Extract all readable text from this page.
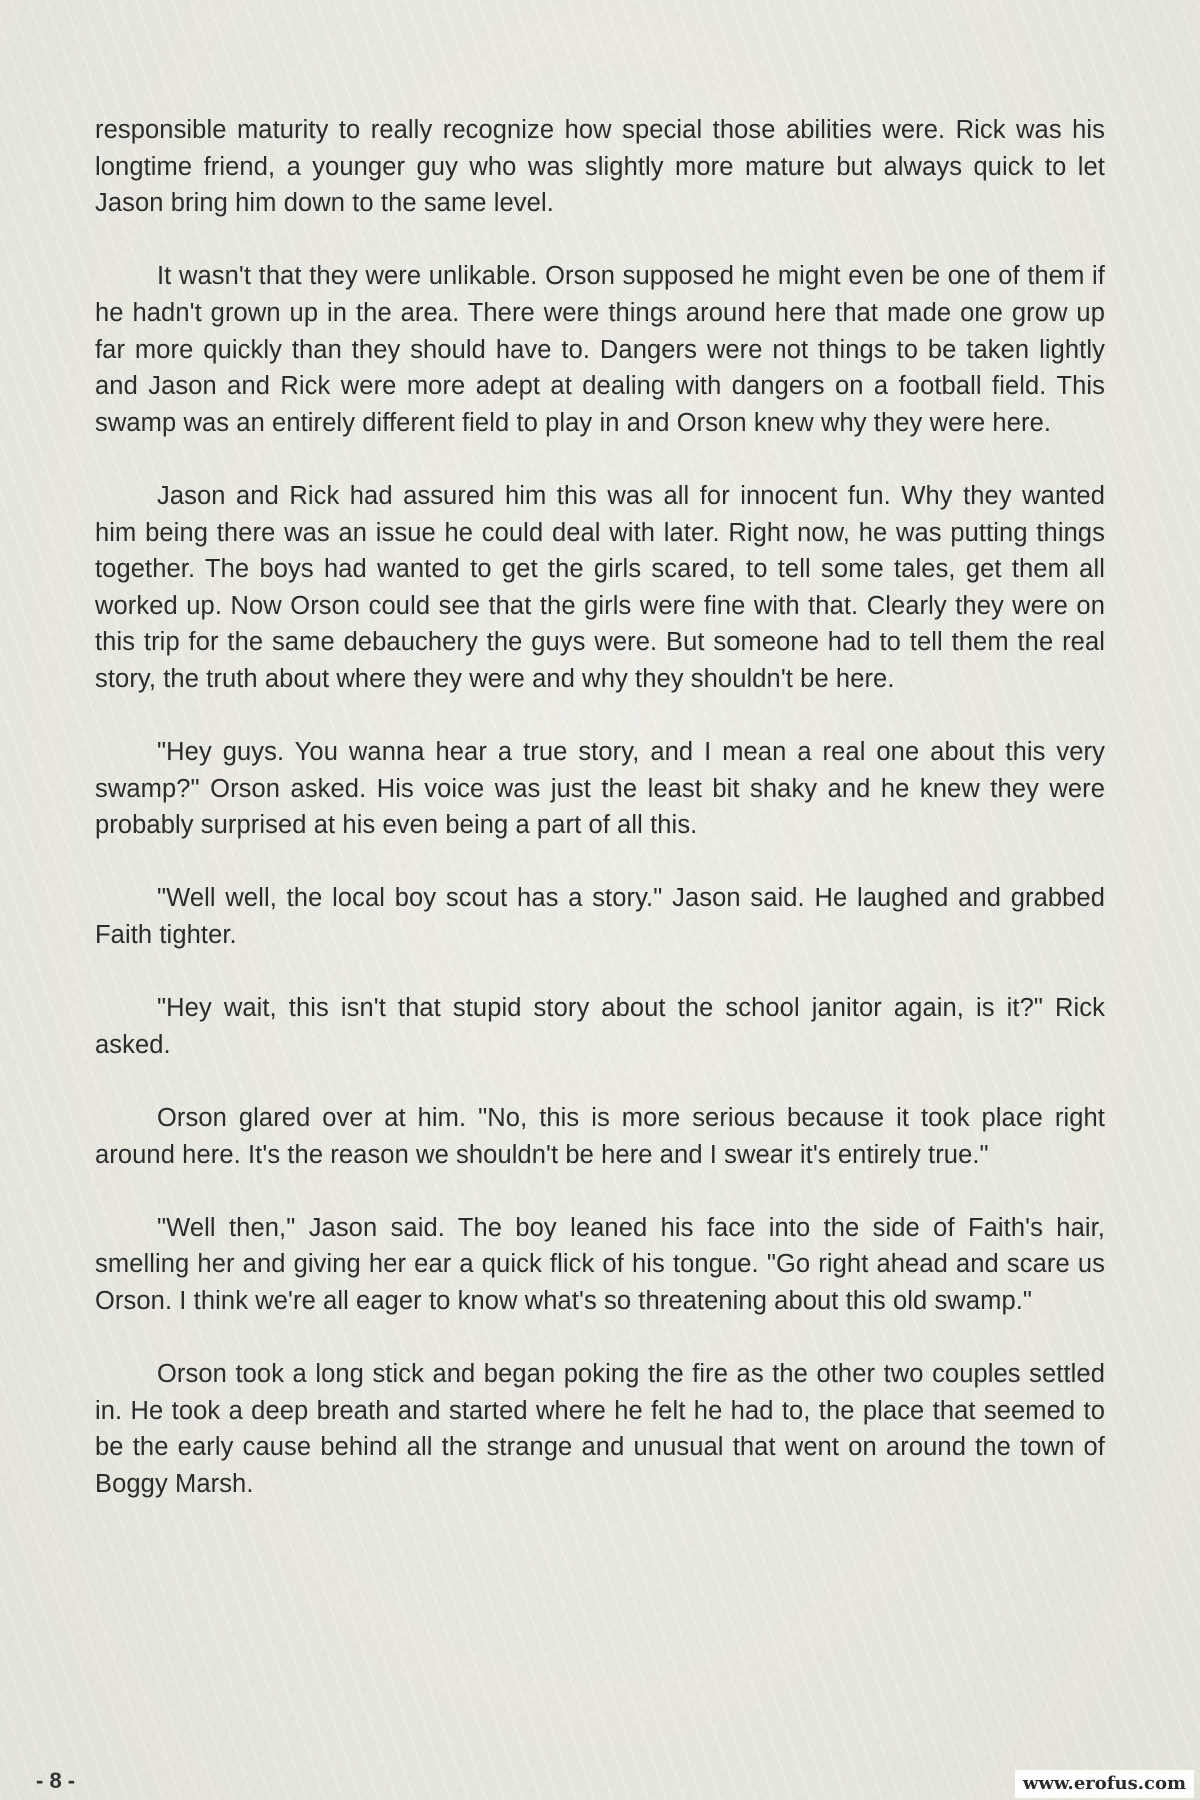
responsible maturity to really recognize how special those abilities were. Rick was his longtime friend, a younger guy who was slightly more mature but always quick to let Jason bring him down to the same level.

It wasn't that they were unlikable. Orson supposed he might even be one of them if he hadn't grown up in the area. There were things around here that made one grow up far more quickly than they should have to. Dangers were not things to be taken lightly and Jason and Rick were more adept at dealing with dangers on a football field. This swamp was an entirely different field to play in and Orson knew why they were here.

Jason and Rick had assured him this was all for innocent fun. Why they wanted him being there was an issue he could deal with later. Right now, he was putting things together. The boys had wanted to get the girls scared, to tell some tales, get them all worked up. Now Orson could see that the girls were fine with that. Clearly they were on this trip for the same debauchery the guys were. But someone had to tell them the real story, the truth about where they were and why they shouldn't be here.

"Hey guys. You wanna hear a true story, and I mean a real one about this very swamp?" Orson asked. His voice was just the least bit shaky and he knew they were probably surprised at his even being a part of all this.

"Well well, the local boy scout has a story." Jason said. He laughed and grabbed Faith tighter.

"Hey wait, this isn't that stupid story about the school janitor again, is it?" Rick asked.

Orson glared over at him. "No, this is more serious because it took place right around here. It's the reason we shouldn't be here and I swear it's entirely true."

"Well then," Jason said. The boy leaned his face into the side of Faith's hair, smelling her and giving her ear a quick flick of his tongue. "Go right ahead and scare us Orson. I think we're all eager to know what's so threatening about this old swamp."

Orson took a long stick and began poking the fire as the other two couples settled in. He took a deep breath and started where he felt he had to, the place that seemed to be the early cause behind all the strange and unusual that went on around the town of Boggy Marsh.

- 8 -	www.erofus.com
